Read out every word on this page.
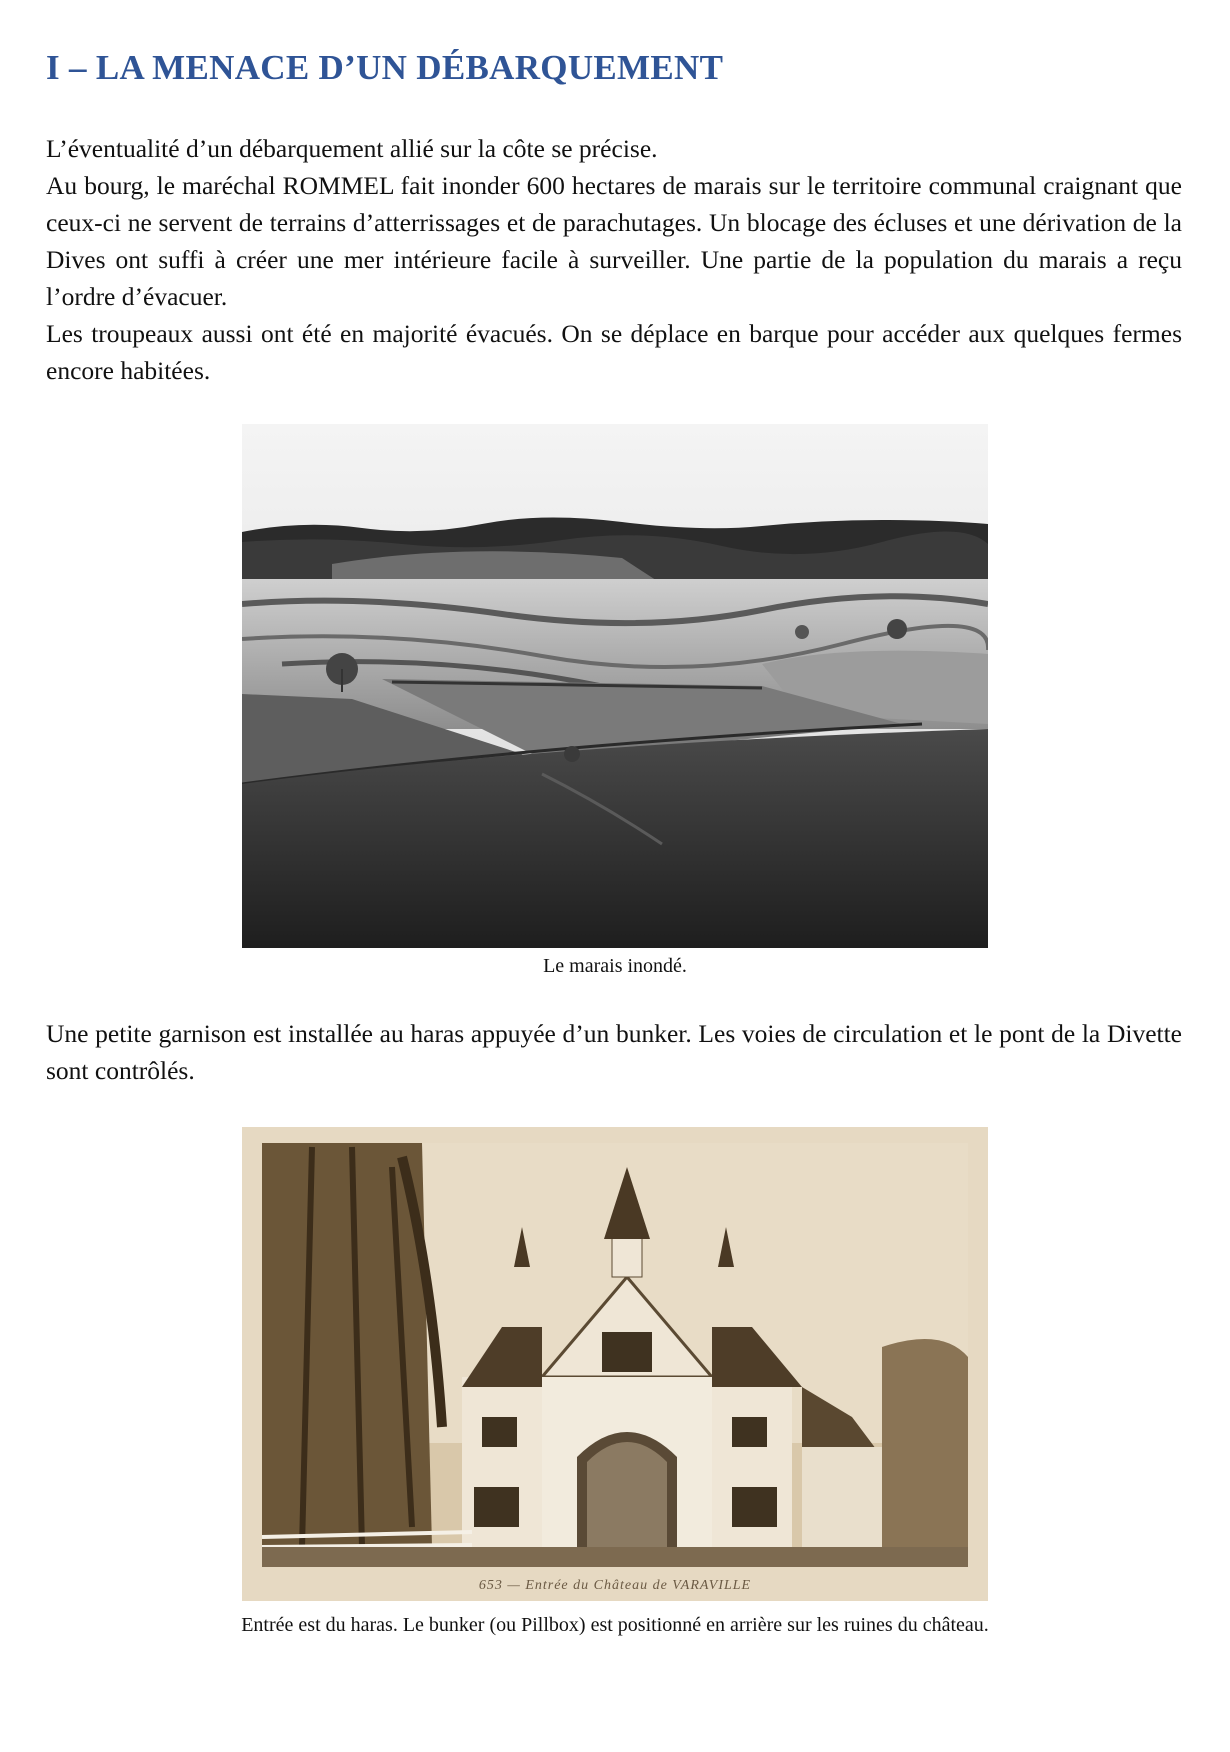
I – LA MENACE D’UN DÉBARQUEMENT

L’éventualité d’un débarquement allié sur la côte se précise.

Au bourg, le maréchal ROMMEL fait inonder 600 hectares de marais sur le territoire communal craignant que ceux-ci ne servent de terrains d’atterrissages et de parachutages. Un blocage des écluses et une dérivation de la Dives ont suffi à créer une mer intérieure facile à surveiller. Une partie de la population du marais a reçu l’ordre d’évacuer.

Les troupeaux aussi ont été en majorité évacués. On se déplace en barque pour accéder aux quelques fermes encore habitées.

Le marais inondé.
Une petite garnison est installée au haras appuyée d’un bunker. Les voies de circulation et le pont de la Divette sont contrôlés.
653 — Entrée du Château de VARAVILLE
Entrée est du haras. Le bunker (ou Pillbox) est positionné en arrière sur les ruines du château.
